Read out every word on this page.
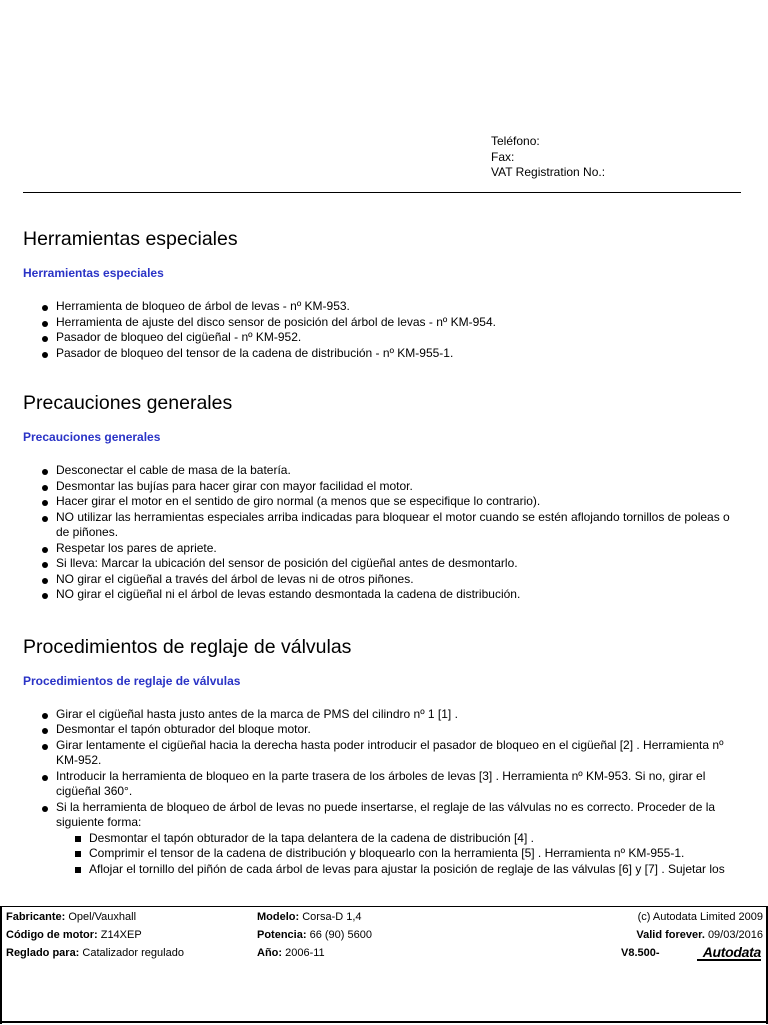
Teléfono:
Fax:
VAT Registration No.:
Herramientas especiales
Herramientas especiales
Herramienta de bloqueo de árbol de levas - nº KM-953.
Herramienta de ajuste del disco sensor de posición del árbol de levas - nº KM-954.
Pasador de bloqueo del cigüeñal - nº KM-952.
Pasador de bloqueo del tensor de la cadena de distribución - nº KM-955-1.
Precauciones generales
Precauciones generales
Desconectar el cable de masa de la batería.
Desmontar las bujías para hacer girar con mayor facilidad el motor.
Hacer girar el motor en el sentido de giro normal (a menos que se especifique lo contrario).
NO utilizar las herramientas especiales arriba indicadas para bloquear el motor cuando se estén aflojando tornillos de poleas o de piñones.
Respetar los pares de apriete.
Si lleva: Marcar la ubicación del sensor de posición del cigüeñal antes de desmontarlo.
NO girar el cigüeñal a través del árbol de levas ni de otros piñones.
NO girar el cigüeñal ni el árbol de levas estando desmontada la cadena de distribución.
Procedimientos de reglaje de válvulas
Procedimientos de reglaje de válvulas
Girar el cigüeñal hasta justo antes de la marca de PMS del cilindro nº 1 [1] .
Desmontar el tapón obturador del bloque motor.
Girar lentamente el cigüeñal hacia la derecha hasta poder introducir el pasador de bloqueo en el cigüeñal [2] . Herramienta nº KM-952.
Introducir la herramienta de bloqueo en la parte trasera de los árboles de levas [3] . Herramienta nº KM-953. Si no, girar el cigüeñal 360°.
Si la herramienta de bloqueo de árbol de levas no puede insertarse, el reglaje de las válvulas no es correcto. Proceder de la siguiente forma:
Desmontar el tapón obturador de la tapa delantera de la cadena de distribución [4] .
Comprimir el tensor de la cadena de distribución y bloquearlo con la herramienta [5] . Herramienta nº KM-955-1.
Aflojar el tornillo del piñón de cada árbol de levas para ajustar la posición de reglaje de las válvulas [6] y [7] . Sujetar los
Fabricante: Opel/Vauxhall
Código de motor: Z14XEP
Reglado para: Catalizador regulado
Modelo: Corsa-D 1,4
Potencia: 66 (90) 5600
Año: 2006-11
(c) Autodata Limited 2009
Valid forever. 09/03/2016
V8.500-	Autodata
